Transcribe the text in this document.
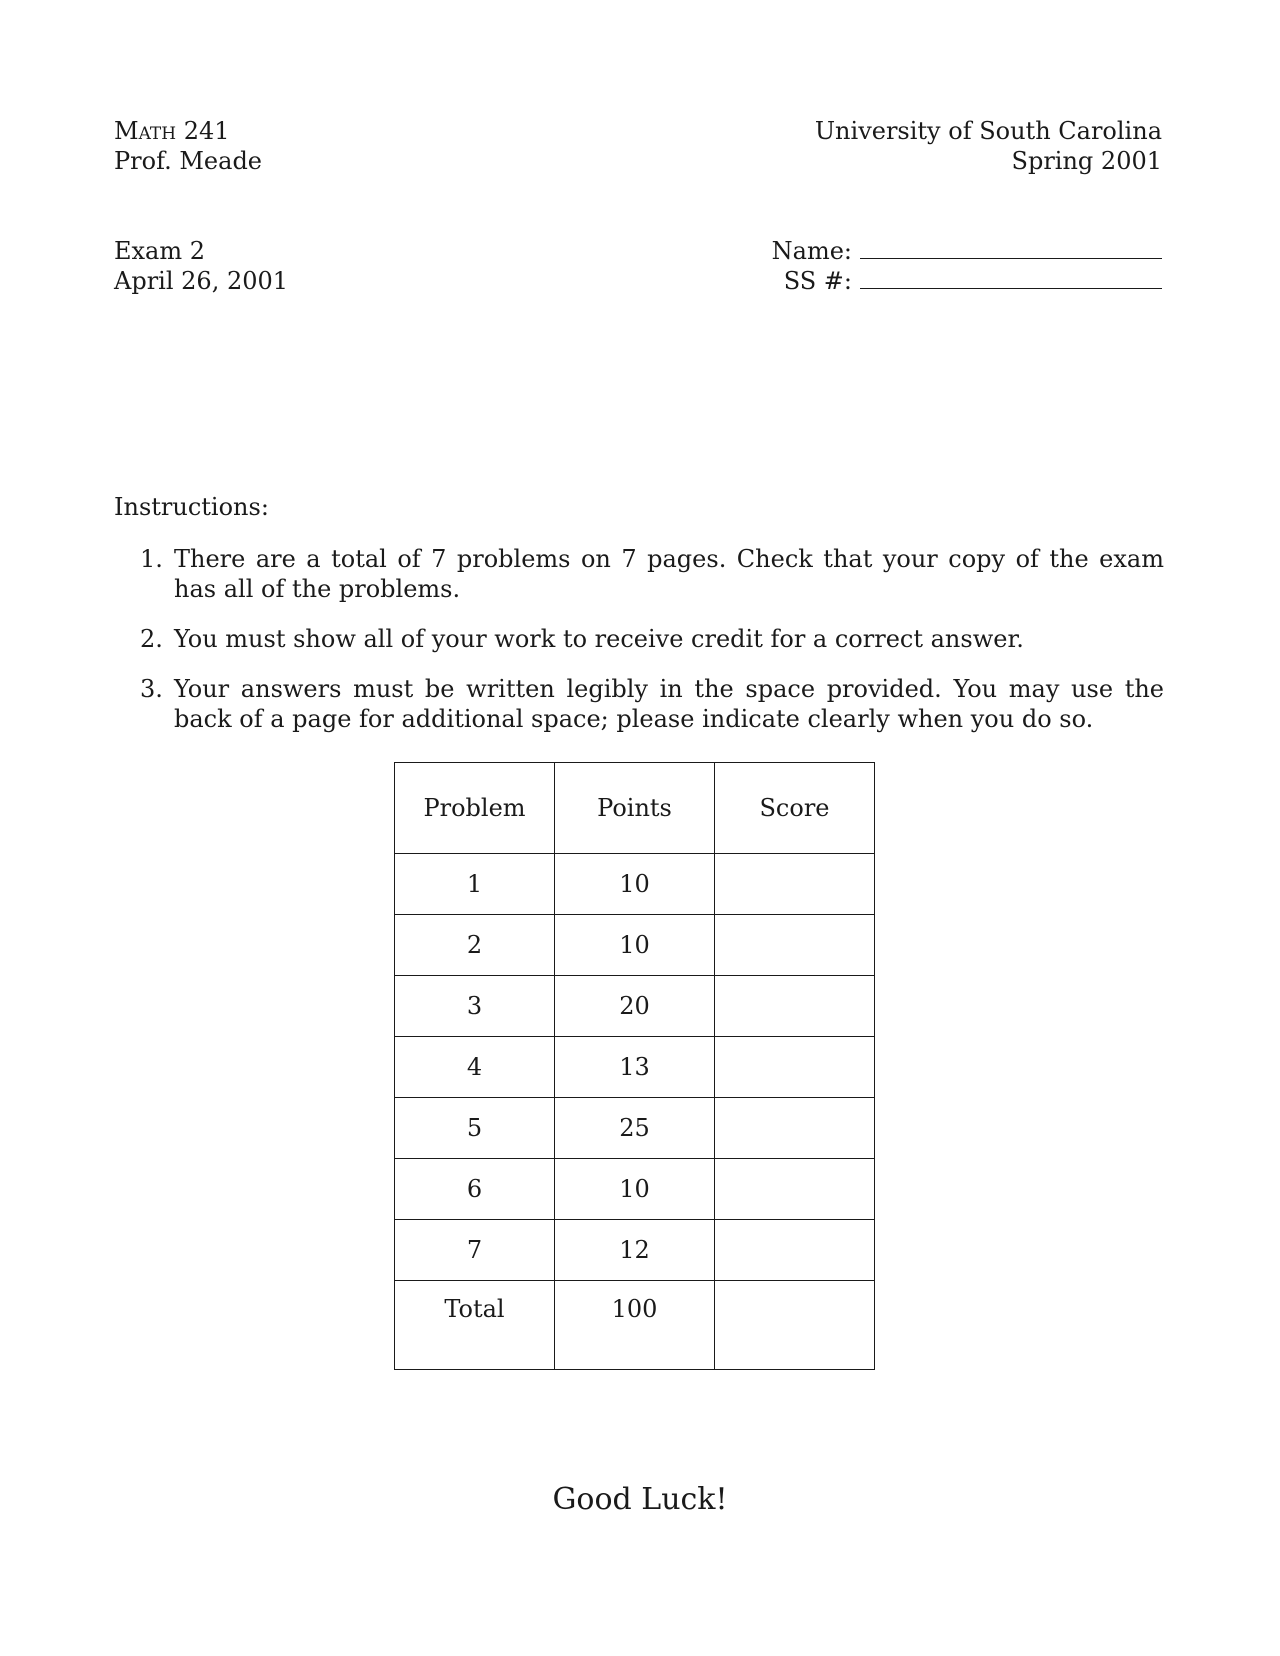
Math 241
Prof. Meade
University of South Carolina
Spring 2001
Exam 2
April 26, 2001
Name:
SS #:
Instructions:
1. There are a total of 7 problems on 7 pages. Check that your copy of the exam has all of the problems.
2. You must show all of your work to receive credit for a correct answer.
3. Your answers must be written legibly in the space provided. You may use the back of a page for additional space; please indicate clearly when you do so.
Problem	Points	Score
1	10	
2	10	
3	20	
4	13	
5	25	
6	10	
7	12	
Total	100	
Good Luck!
